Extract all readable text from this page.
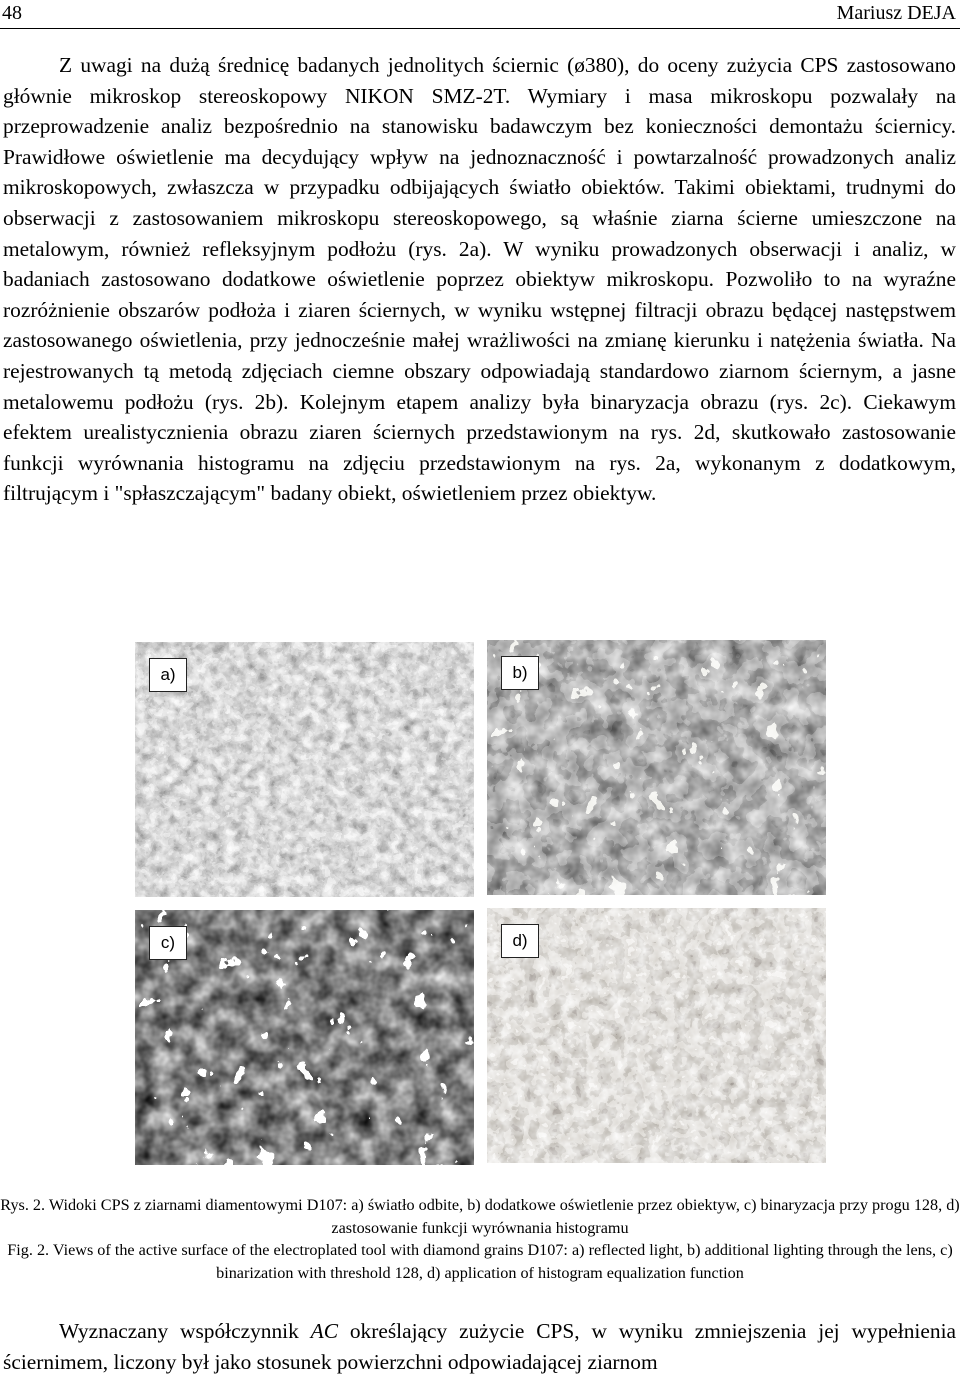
48	Mariusz DEJA

Z uwagi na dużą średnicę badanych jednolitych ściernic (ø380), do oceny zużycia CPS zastosowano głównie mikroskop stereoskopowy NIKON SMZ-2T. Wymiary i masa mikroskopu pozwalały na przeprowadzenie analiz bezpośrednio na stanowisku badawczym bez konieczności demontażu ściernicy. Prawidłowe oświetlenie ma decydujący wpływ na jednoznaczność i powtarzalność prowadzonych analiz mikroskopowych, zwłaszcza w przypadku odbijających światło obiektów. Takimi obiektami, trudnymi do obserwacji z zastosowaniem mikroskopu stereoskopowego, są właśnie ziarna ścierne umieszczone na metalowym, również refleksyjnym podłożu (rys. 2a). W wyniku prowadzonych obserwacji i analiz, w badaniach zastosowano dodatkowe oświetlenie poprzez obiektyw mikroskopu. Pozwoliło to na wyraźne rozróżnienie obszarów podłoża i ziaren ściernych, w wyniku wstępnej filtracji obrazu będącej następstwem zastosowanego oświetlenia, przy jednocześnie małej wrażliwości na zmianę kierunku i natężenia światła. Na rejestrowanych tą metodą zdjęciach ciemne obszary odpowiadają standardowo ziarnom ściernym, a jasne metalowemu podłożu (rys. 2b). Kolejnym etapem analizy była binaryzacja obrazu (rys. 2c). Ciekawym efektem urealistycznienia obrazu ziaren ściernych przedstawionym na rys. 2d, skutkowało zastosowanie funkcji wyrównania histogramu na zdjęciu przedstawionym na rys. 2a, wykonanym z dodatkowym, filtrującym i "spłaszczającym" badany obiekt, oświetleniem przez obiektyw.

a)	b)
c)	d)

Rys. 2. Widoki CPS z ziarnami diamentowymi D107: a) światło odbite, b) dodatkowe oświetlenie przez obiektyw, c) binaryzacja przy progu 128, d) zastosowanie funkcji wyrównania histogramu

Fig. 2. Views of the active surface of the electroplated tool with diamond grains D107: a) reflected light, b) additional lighting through the lens, c) binarization with threshold 128, d) application of histogram equalization function

Wyznaczany współczynnik AC określający zużycie CPS, w wyniku zmniejszenia jej wypełnienia ściernimem, liczony był jako stosunek powierzchni odpowiadającej ziarnom
